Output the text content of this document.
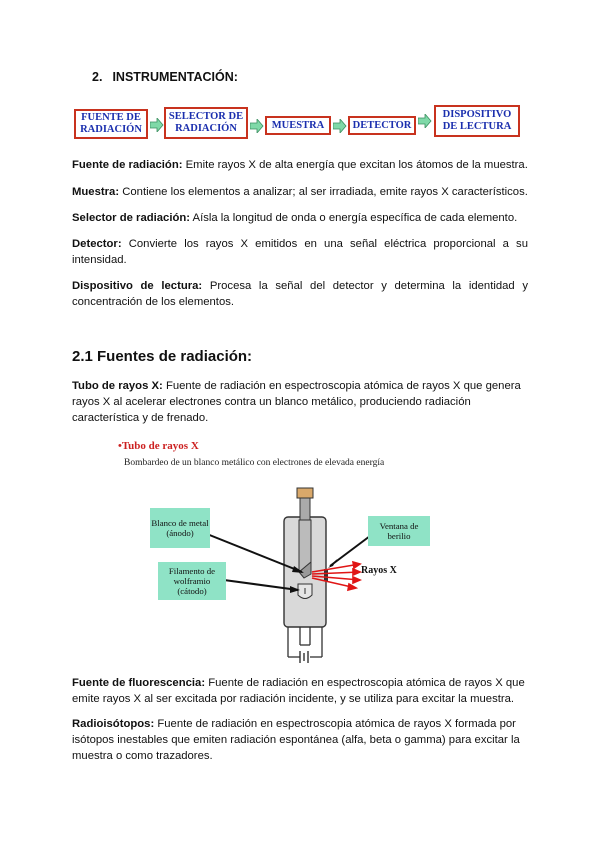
2. INSTRUMENTACIÓN:
FUENTE DE
RADIACIÓN
SELECTOR DE
RADIACIÓN	MUESTRA	DETECTOR
DISPOSITIVO
DE LECTURA
Fuente de radiación: Emite rayos X de alta energía que excitan los átomos de la muestra.
Muestra: Contiene los elementos a analizar; al ser irradiada, emite rayos X característicos.
Selector de radiación: Aísla la longitud de onda o energía específica de cada elemento.
Detector: Convierte los rayos X emitidos en una señal eléctrica proporcional a su intensidad.
Dispositivo de lectura: Procesa la señal del detector y determina la identidad y concentración de los elementos.
2.1 Fuentes de radiación:
Tubo de rayos X: Fuente de radiación en espectroscopia atómica de rayos X que genera rayos X al acelerar electrones contra un blanco metálico, produciendo radiación característica y de frenado.
•Tubo de rayos X
Bombardeo de un blanco metálico con electrones de elevada energía
Blanco de metal (ánodo)
Filamento de wolframio (cátodo)
Ventana de berilio
Rayos X
Fuente de fluorescencia: Fuente de radiación en espectroscopia atómica de rayos X que emite rayos X al ser excitada por radiación incidente, y se utiliza para excitar la muestra.
Radioisótopos: Fuente de radiación en espectroscopia atómica de rayos X formada por isótopos inestables que emiten radiación espontánea (alfa, beta o gamma) para excitar la muestra o como trazadores.
